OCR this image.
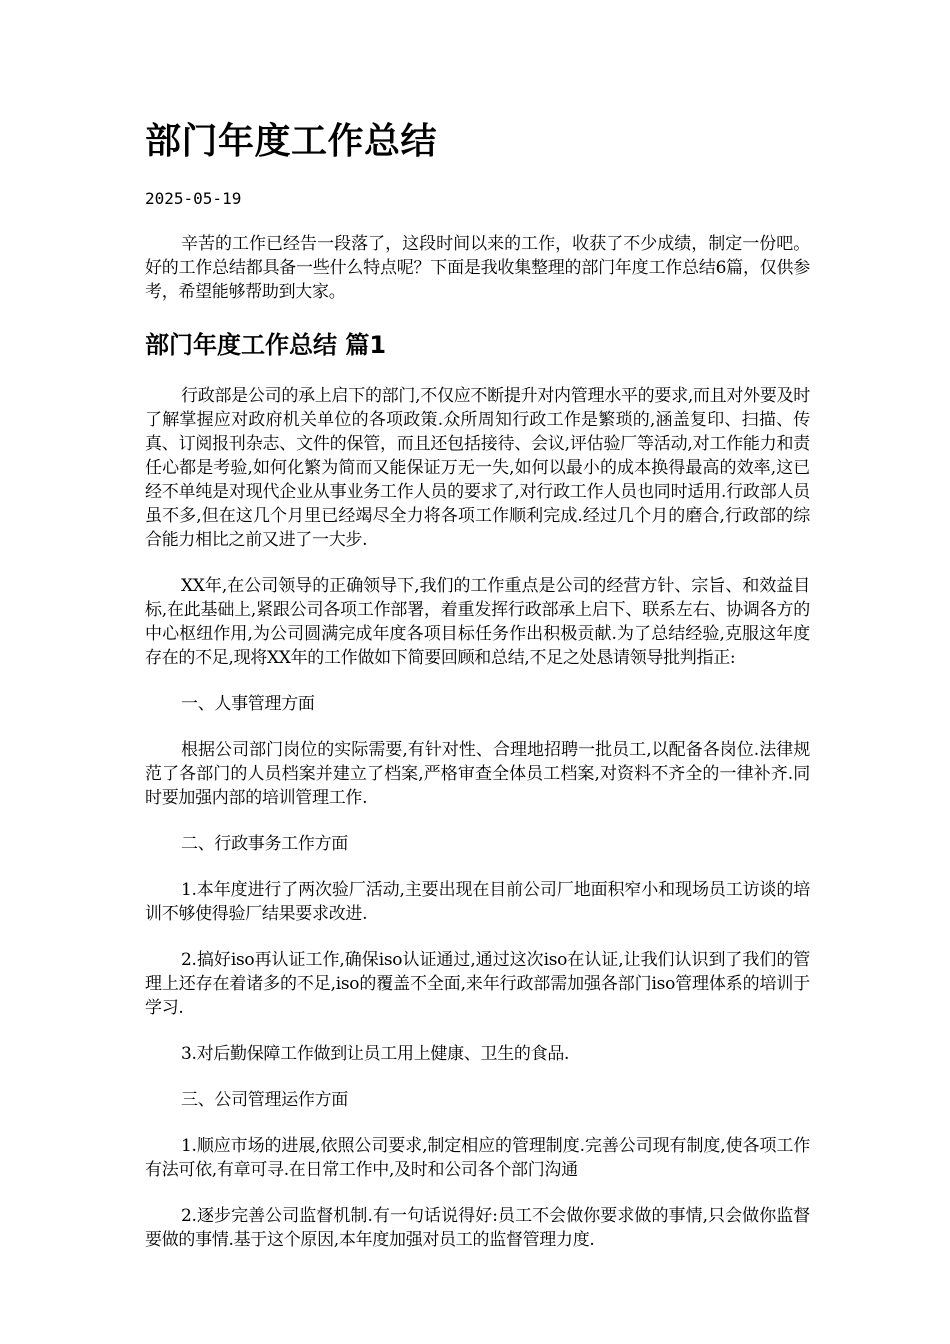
部门年度工作总结
2025-05-19

辛苦的工作已经告一段落了，这段时间以来的工作，收获了不少成绩，制定一份吧。好的工作总结都具备一些什么特点呢？下面是我收集整理的部门年度工作总结6篇，仅供参考，希望能够帮助到大家。

部门年度工作总结 篇1

行政部是公司的承上启下的部门,不仅应不断提升对内管理水平的要求,而且对外要及时了解掌握应对政府机关单位的各项政策.众所周知行政工作是繁琐的,涵盖复印、扫描、传真、订阅报刊杂志、文件的保管，而且还包括接待、会议,评估验厂等活动,对工作能力和责任心都是考验,如何化繁为简而又能保证万无一失,如何以最小的成本换得最高的效率,这已经不单纯是对现代企业从事业务工作人员的要求了,对行政工作人员也同时适用.行政部人员虽不多,但在这几个月里已经竭尽全力将各项工作顺利完成.经过几个月的磨合,行政部的综合能力相比之前又进了一大步.

XX年,在公司领导的正确领导下,我们的工作重点是公司的经营方针、宗旨、和效益目标,在此基础上,紧跟公司各项工作部署，着重发挥行政部承上启下、联系左右、协调各方的中心枢纽作用,为公司圆满完成年度各项目标任务作出积极贡献.为了总结经验,克服这年度存在的不足,现将XX年的工作做如下简要回顾和总结,不足之处恳请领导批判指正:

一、人事管理方面

根据公司部门岗位的实际需要,有针对性、合理地招聘一批员工,以配备各岗位.法律规范了各部门的人员档案并建立了档案,严格审查全体员工档案,对资料不齐全的一律补齐.同时要加强内部的培训管理工作.

二、行政事务工作方面

1.本年度进行了两次验厂活动,主要出现在目前公司厂地面积窄小和现场员工访谈的培训不够使得验厂结果要求改进.

2.搞好iso再认证工作,确保iso认证通过,通过这次iso在认证,让我们认识到了我们的管理上还存在着诸多的不足,iso的覆盖不全面,来年行政部需加强各部门iso管理体系的培训于学习.

3.对后勤保障工作做到让员工用上健康、卫生的食品.

三、公司管理运作方面

1.顺应市场的进展,依照公司要求,制定相应的管理制度.完善公司现有制度,使各项工作有法可依,有章可寻.在日常工作中,及时和公司各个部门沟通

2.逐步完善公司监督机制.有一句话说得好:员工不会做你要求做的事情,只会做你监督要做的事情.基于这个原因,本年度加强对员工的监督管理力度.
